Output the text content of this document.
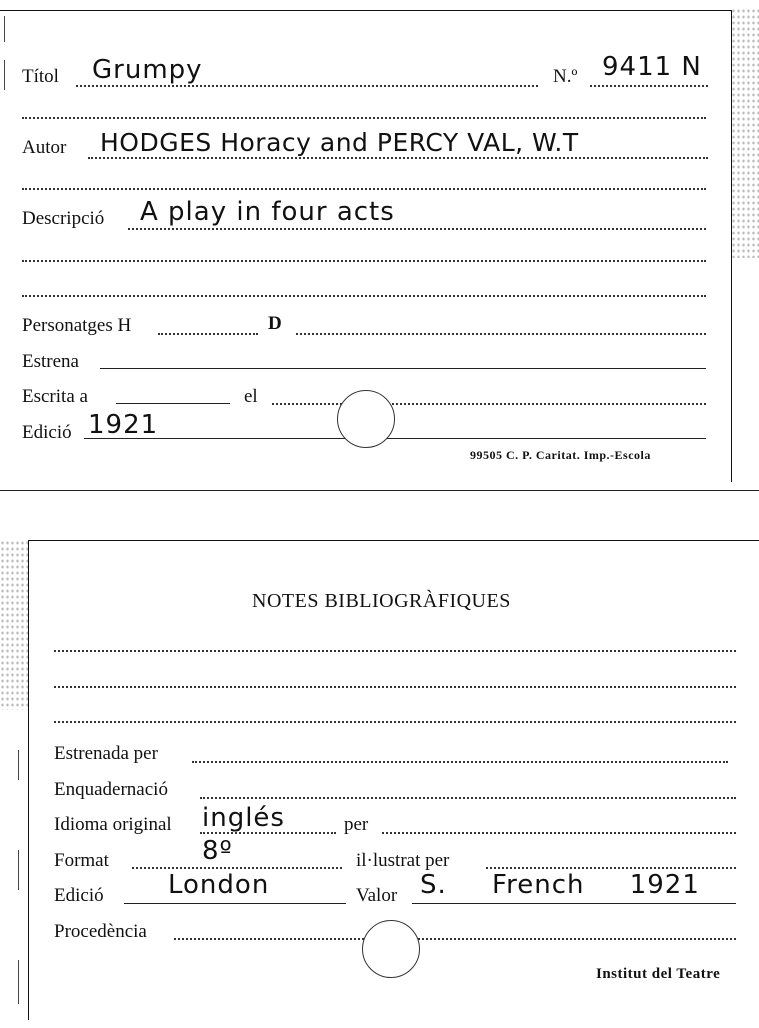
Títol Grumpy	N.º 9411 N
Autor HODGES Horacy and PERCY VAL, W.T
Descripció A play in four acts
Personatges H	D
Estrena
Escrita a	el
Edició 1921
99505 C. P. Caritat. Imp.-Escola
NOTES BIBLIOGRÀFIQUES
Estrenada per
Enquadernació
Idioma original inglés	per
Format	8º	il·lustrat per
Edició London	Valor S. French 1921
Procedència
Institut del Teatre
